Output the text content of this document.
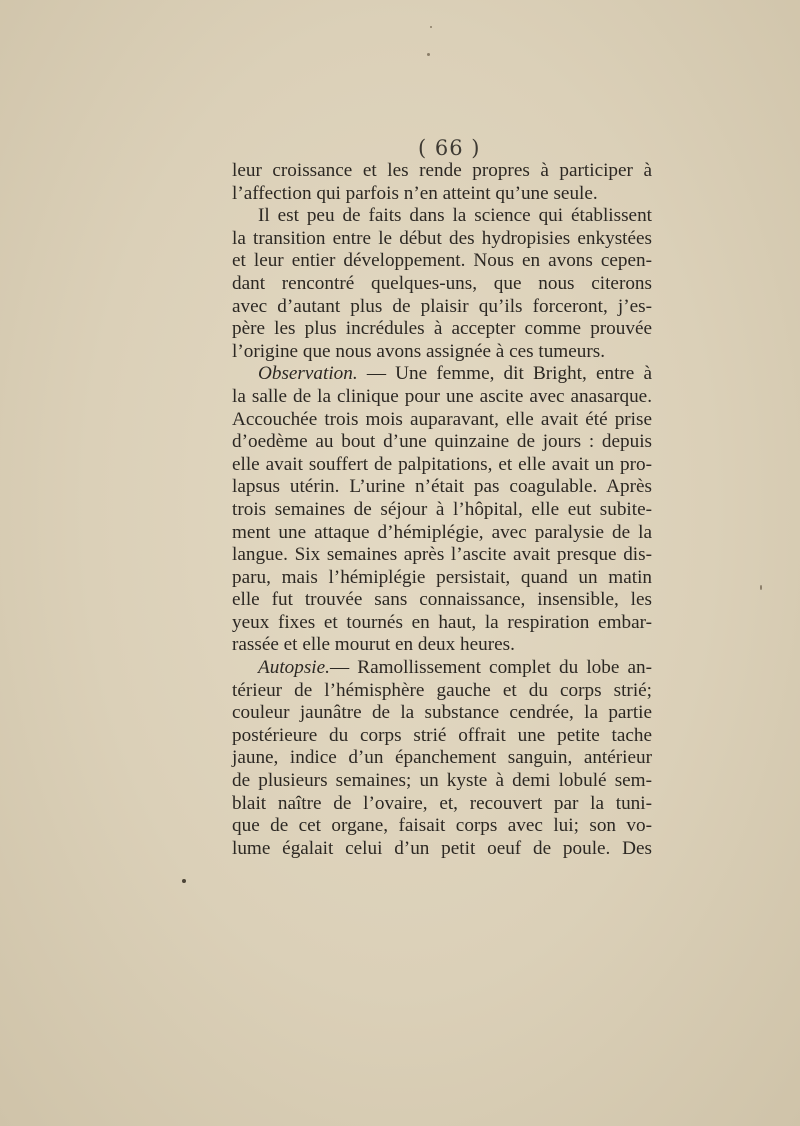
( 66 )
leur croissance et les rende propres à participer à
l’affection qui parfois n’en atteint qu’une seule.
Il est peu de faits dans la science qui établissent
la transition entre le début des hydropisies enkystées
et leur entier développement. Nous en avons cepen-
dant rencontré quelques-uns, que nous citerons
avec d’autant plus de plaisir qu’ils forceront, j’es-
père les plus incrédules à accepter comme prouvée
l’origine que nous avons assignée à ces tumeurs.
Observation. — Une femme, dit Bright, entre à
la salle de la clinique pour une ascite avec anasarque.
Accouchée trois mois auparavant, elle avait été prise
d’oedème au bout d’une quinzaine de jours : depuis
elle avait souffert de palpitations, et elle avait un pro-
lapsus utérin. L’urine n’était pas coagulable. Après
trois semaines de séjour à l’hôpital, elle eut subite-
ment une attaque d’hémiplégie, avec paralysie de la
langue. Six semaines après l’ascite avait presque dis-
paru, mais l’hémiplégie persistait, quand un matin
elle fut trouvée sans connaissance, insensible, les
yeux fixes et tournés en haut, la respiration embar-
rassée et elle mourut en deux heures.
Autopsie.— Ramollissement complet du lobe an-
térieur de l’hémisphère gauche et du corps strié;
couleur jaunâtre de la substance cendrée, la partie
postérieure du corps strié offrait une petite tache
jaune, indice d’un épanchement sanguin, antérieur
de plusieurs semaines; un kyste à demi lobulé sem-
blait naître de l’ovaire, et, recouvert par la tuni-
que de cet organe, faisait corps avec lui; son vo-
lume égalait celui d’un petit oeuf de poule. Des
